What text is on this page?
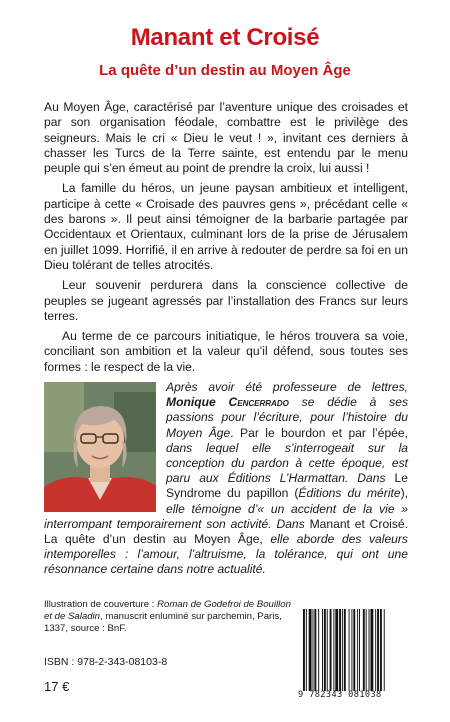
Manant et Croisé
La quête d’un destin au Moyen Âge

Au Moyen Âge, caractérisé par l’aventure unique des croisades et par son organisation féodale, combattre est le privilège des seigneurs. Mais le cri « Dieu le veut ! », invitant ces derniers à chasser les Turcs de la Terre sainte, est entendu par le menu peuple qui s’en émeut au point de prendre la croix, lui aussi !

La famille du héros, un jeune paysan ambitieux et intelligent, participe à cette « Croisade des pauvres gens », précédant celle « des barons ». Il peut ainsi témoigner de la barbarie partagée par Occidentaux et Orientaux, culminant lors de la prise de Jérusalem en juillet 1099. Horrifié, il en arrive à redouter de perdre sa foi en un Dieu tolérant de telles atrocités.

Leur souvenir perdurera dans la conscience collective de peuples se jugeant agressés par l’installation des Francs sur leurs terres.

Au terme de ce parcours initiatique, le héros trouvera sa voie, conciliant son ambition et la valeur qu’il défend, sous toutes ses formes : le respect de la vie.

Après avoir été professeure de lettres, Monique Cencerrado se dédie à ses passions pour l’écriture, pour l’histoire du Moyen Âge. Par le bourdon et par l’épée, dans lequel elle s’interrogeait sur la conception du pardon à cette époque, est paru aux Éditions L’Harmattan. Dans Le Syndrome du papillon (Éditions du mérite), elle témoigne d’« un accident de la vie » interrompant temporairement son activité. Dans Manant et Croisé. La quête d’un destin au Moyen Âge, elle aborde des valeurs intemporelles : l’amour, l’altruisme, la tolérance, qui ont une résonnance certaine dans notre actualité.
Illustration de couverture : Roman de Godefroi de Bouillon et de Saladin, manuscrit enluminé sur parchemin, Paris, 1337, source : BnF.
ISBN : 978-2-343-08103-8
17 €
9 782343 081038
